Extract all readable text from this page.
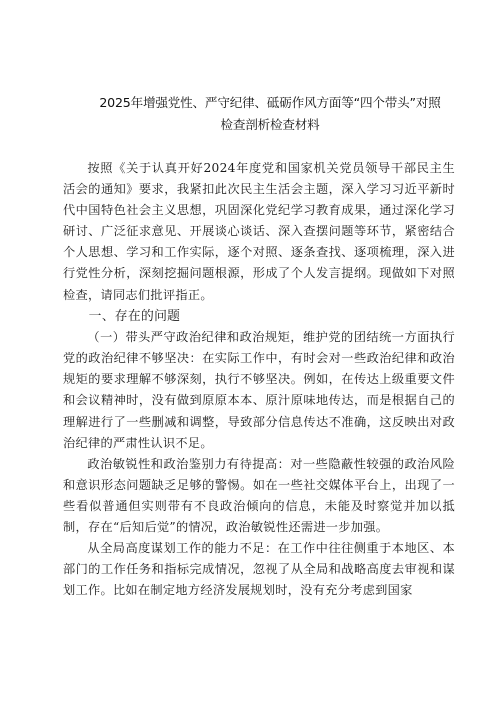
2025年增强党性、严守纪律、砥砺作风方面等“四个带头”对照
检查剖析检查材料

按照《关于认真开好2024年度党和国家机关党员领导干部民主生活会的通知》要求，我紧扣此次民主生活会主题，深入学习习近平新时代中国特色社会主义思想，巩固深化党纪学习教育成果，通过深化学习研讨、广泛征求意见、开展谈心谈话、深入查摆问题等环节，紧密结合个人思想、学习和工作实际，逐个对照、逐条查找、逐项梳理，深入进行党性分析，深刻挖掘问题根源，形成了个人发言提纲。现做如下对照检查，请同志们批评指正。

一、存在的问题

（一）带头严守政治纪律和政治规矩，维护党的团结统一方面执行党的政治纪律不够坚决：在实际工作中，有时会对一些政治纪律和政治规矩的要求理解不够深刻，执行不够坚决。例如，在传达上级重要文件和会议精神时，没有做到原原本本、原汁原味地传达，而是根据自己的理解进行了一些删减和调整，导致部分信息传达不准确，这反映出对政治纪律的严肃性认识不足。

政治敏锐性和政治鉴别力有待提高：对一些隐蔽性较强的政治风险和意识形态问题缺乏足够的警惕。如在一些社交媒体平台上，出现了一些看似普通但实则带有不良政治倾向的信息，未能及时察觉并加以抵制，存在“后知后觉”的情况，政治敏锐性还需进一步加强。

从全局高度谋划工作的能力不足：在工作中往往侧重于本地区、本部门的工作任务和指标完成情况，忽视了从全局和战略高度去审视和谋划工作。比如在制定地方经济发展规划时，没有充分考虑到国家
